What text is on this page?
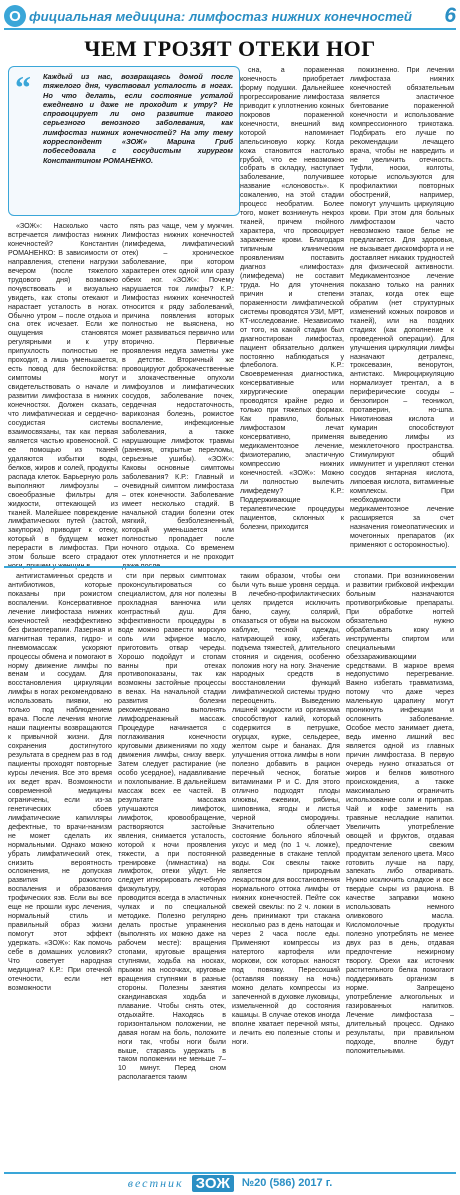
О фициальная медицина: лимфостаз нижних конечностей 6
ЧЕМ ГРОЗЯТ ОТЕКИ НОГ
“ Каждый из нас, возвращаясь домой после тяжелого дня, чувствовал усталость в ногах. Но что делать, если состояние усталой ежедневно и даже не проходит к утру? Не спровоцирует ли оно развитие такого серьезного венозного заболевания, как лимфостаз нижних конечностей? На эту тему корреспондент «ЗОЖ» Марина Гриб побеседовала с сосудистым хирургом Константином РОМАНЕНКО.

«ЗОЖ»: Насколько часто встречается лимфостаз нижних конечностей? Константин РОМАНЕНКО: В зависимости от направления, степени нагрузки вечером (после тяжелого трудового дня) возможно почувствовать и визуально увидеть, как стопы отекают и нарастает усталость в ногах. Обычно утром – после отдыха и сна отек исчезает. Если же ощущения становятся регулярными и к утру припухлость полностью не проходит, а лишь уменьшается, есть повод для беспокойства: симптомы могут свидетельствовать о начале и развитии лимфостаза в нижних конечностях. Должен сказать, что лимфатическая и сердечно-сосудистая системы взаимосвязаны, так как первая является частью кровеносной. С ее помощью из тканей удаляются избытки воды, белков, жиров и солей, продукты распада клеток. Барьерную роль выполняют лимфоузлы – своеобразные фильтры для жидкости, оттекающей из тканей. Малейшее повреждение лимфатических путей (застой, закупорка) приводит к отеку, который в будущем может перерасти в лимфостаз. При этом больше всего страдают

пять раз чаще, чем у мужчин. Лимфостаз нижних конечностей (лимфедема, лимфатический отек) – хроническое заболевание, при котором характерен отек одной или сразу обеих ног. «ЗОЖ»: Почему нарушается ток лимфы? К.Р.: Лимфостаз нижних конечностей относится к ряду заболеваний, причина появления которых полностью не выяснена, но может развиваться первично или вторично. Первичные проявления недуга заметны уже в детстве. Вторичный же провоцируют доброкачественные и злокачественные опухоли лимфоузлов и лимфатических сосудов, заболевание почек, сердечная недостаточность, варикозная болезнь, рожистое воспаление, инфекционные заболевания, а также нарушающие лимфоток травмы (ранения, открытые переломы, серьезные ушибы). «ЗОЖ»: Каковы основные симптомы заболевания? К.Р.: Главный и очевидный симптом лимфостаза – отек конечности. Заболевание имеет несколько стадий. В начальной стадии болезни отек мягкий, безболезненный, который уменьшается или полностью пропадает после ночного отдыха. Со временем отек уплотняется и не проходит

сна, а пораженная конечность приобретает форму подушки. Дальнейшее прогрессирование лимфостаза приводит к уплотнению кожных покровов пораженной конечности, внешний вид которой напоминает апельсиновую корку. Когда кожа становится настолько грубой, что ее невозможно собрать в складку, наступает заболевание, получившее название «слоновость». К сожалению, на этой стадии процесс необратим. Более того, может возникнуть некроз тканей, причем гнойного характера, что провоцирует заражение крови. Благодаря типичным клиническим проявлениям поставить диагноз «лимфостаз» (лимфедема) не составит труда. Но для уточнения причин и степени пораженности лимфатической системы проводятся УЗИ, МРТ, КТ-исследование. Независимо от того, на какой стадии был диагностирован лимфостаз, пациент обязательно должен постоянно наблюдаться у флеболога. К.Р.: Своевременная диагностика, консервативные или хирургические операции проводятся крайне редко и только при тяжелых формах. Как правило, больных лимфостазом лечат консервативно, применяя медикаментозное лечение, физиотерапию, эластичную компрессию нижних конечностей. «ЗОЖ»: Можно ли полностью вылечить лимфедему? К.Р.: Поддерживающие терапевтические процедуры пациентов, склонных к болезни, приходится

пожизненно. При лечении лимфостаза нижних конечностей обязательным является эластичное бинтование пораженной конечности и использование компрессионного трикотажа. Подбирать его лучше по рекомендации лечащего врача, чтобы не навредить и не увеличить отечность. Туфли, носки, колготы, которые используются для профилактики повторных обострений, например, помогут улучшить циркуляцию крови. При этом для больных лимфостазом часто невозможно такое белье не предлагается. Для здоровья, не вызывает дискомфорта и не доставляет никаких трудностей для физической активности. Медикаментозное лечение показано только на ранних этапах, когда отек еще обратим (нет структурных изменений кожных покровов и тканей), или на поздних стадиях (как дополнение к проведенной операции). Для улучшения циркуляции лимфы назначают детралекс, троксевазин, венорутон, антистакс. Микроциркуляцию нормализует трентал, а в периферические сосуды – бензопирон – теоникол, протаверин, но-шпа. Никотиновая кислота и кумарин способствуют выведению лимфы из межклеточного пространства. Стимулируют общий иммунитет и укрепляют стенки сосудов янтарная кислота, липоевая кислота, витаминные комплексы. При необходимости медикаментозное лечение расширяется за счет назначения гомеопатических и мочегонных препаратов (их применяют с осторожностью).

антигистаминных средств и антибиотиков, которые показаны при рожистом воспалении. Консервативное лечение лимфостаза нижних конечностей неэффективно без физиотерапии. Лазерная и магнитная терапия, гидро- и пневмомассаж ускоряют процессы обмена и помогают в норму движение лимфы по венам и сосудам. Для восстановления циркуляции лимфы в ногах рекомендовано использовать пиявки, но только под наблюдением врача. После лечения многие наши пациенты возвращаются к привычной жизни. Для сохранения достигнутого результата в среднем раз в год пациенты проходят повторные курсы лечения. Все это время их ведет врач. Возможности современной медицины ограничены, если из-за генетических сбоев лимфатические капилляры дефектные, то врачи-нанизм не может сделать их нормальными. Однако можно убрать лимфатический отек, снизить вероятность осложнения, не допуская развития рожистого воспаления и образования трофических язв. Если вы все еще не прошли курс лечения, нормальный стиль и правильный образ жизни помогут этот эффект удержать. «ЗОЖ»: Как помочь себе в домашних условиях? Что советует народная медицина? К.Р.: При отечной отечности, если нет возможности

сти при первых симптомах проконсультироваться со специалистом, для ног полезны прохладная ванночка или контрастный душ. Для эффективности процедуры в воде можно развести морскую соль или эфирное масло, приготовить отвар череды. Хорошо подойдут и стопам ванны при отеках противопоказаны, так как возможны застойные процессы в венах. На начальной стадии развития болезни рекомендовано выполнять лимфодренажный массаж. Процедуре начинается с поглаживания конечности круговыми движениями по ходу движения лимфы, снизу вверх. Затем следует растирание (не особо усердное), надавливание и похлопывание. В дальнейшем массаж всех ее частей. В результате массажа улучшаются лимфоток, лимфоток, кровообращение, растворяются застойные явления, снимается усталость, которой к ночи проявления тяжести, а при постоянной тренировке (гимнастика) на лимфоток, отеки уйдут. Не следует игнорировать лечебную физкультуру, которая проводится всегда в эластичных чулках и по специальной методике. Полезно регулярно делать простые упражнения (выполнять их можно даже на рабочем месте): вращения стопами, круговые вращения ступнями, ходьба на носках, прыжки на носочках, круговые вращения ступнями в разные стороны. Полезны занятия скандинавская ходьба и плавание. Чтобы снять отек, отдыхайте. Находясь в горизонтальном положении, не давая ногам на боль, положите ноги так, чтобы ноги были выше, стараясь удержать в таком положении не меньше 7–10 минут. Перед сном располагается таким

таким образом, чтобы они были чуть выше уровня сердца. В лечебно-профилактических целях придется исключить баню, сауну, солярий, отказаться от обуви на высоком каблуке, тесной одежды, натирающей кожу, избегать подъема тяжестей, длительного стояния и сидения, особенно положив ногу на ногу. Значение народных средств в восстановлении функций лимфатической системы трудно переоценить. Выведению лишней жидкости из организма способствуют калий, который содержится в петрушке, огурцах, курке, сельдерее, желтом сыре и бананах. Для улучшения оттока лимфы в ноги полезно добавить в рацион перечный чеснок, богатые витаминами Р и С. Для этого отлично подходят плоды клюквы, ежевики, рябины, шиповника, ягоды и листья черной смородины. Значительно облегчает состояние больного яблочный уксус и мед (по 1 ч. ложке), разведенные в стакане теплой воды. Сок свеклы также является природным лекарством для восстановления нормального оттока лимфы от нижних конечностей. Пейте сок свежей свеклы: по 2 ч. ложки в день принимают три стакана несколько раз в день натощак и через 2 часа после еды. Применяют компрессы из натертого картофеля или моркови, сок которых наносят под повязку. Пересохший (оставляя повязку на ночь) можно делать компрессы из запеченной в духовке луковицы, измельченной до состояния кашицы. В случае отеков иногда вполне хватает перечной мяты, и лечить ею полезные стопы и ноги.

стопами. При возникновении и развитии грибковой инфекции больным назначаются противогрибковые препараты. При обработке ногтей обязательно нужно обрабатывать кожу и инструменты спиртом или специальными обеззараживающими средствами. В жаркое время недопустимо перегревание. Важно избегать травматизма, потому что даже через маленькую царапину могут проникнуть инфекции и осложнить заболевание. Особое место занимает диета, ведь именно лишний вес является одной из главных причин лимфостаза. В первую очередь нужно отказаться от жиров и белков животного происхождения, а также максимально ограничить использование соли и приправ. Чай и кофе заменить на травяные несладкие напитки. Увеличить употребление овощей и фруктов, отдавая предпочтение свежим продуктам зеленого цвета. Мясо готовить лучше на пару, запекать либо отваривать. Нужно исключить сладкое и все твердые сыры из рациона. В качестве заправки можно использовать немного оливкового масла. Кисломолочные продукты полезно употреблять не менее двух раз в день, отдавая предпочтение нежирному творогу. Орехи как источник растительного белка помогают поддерживать организм в норме. Запрещено употребление алкогольных и газированных напитков. Лечение лимфостаза – длительный процесс. Однако результаты, при правильном подходе, вполне будут положительными.

вестник ЗОЖ	№20 (586) 2017 г.
